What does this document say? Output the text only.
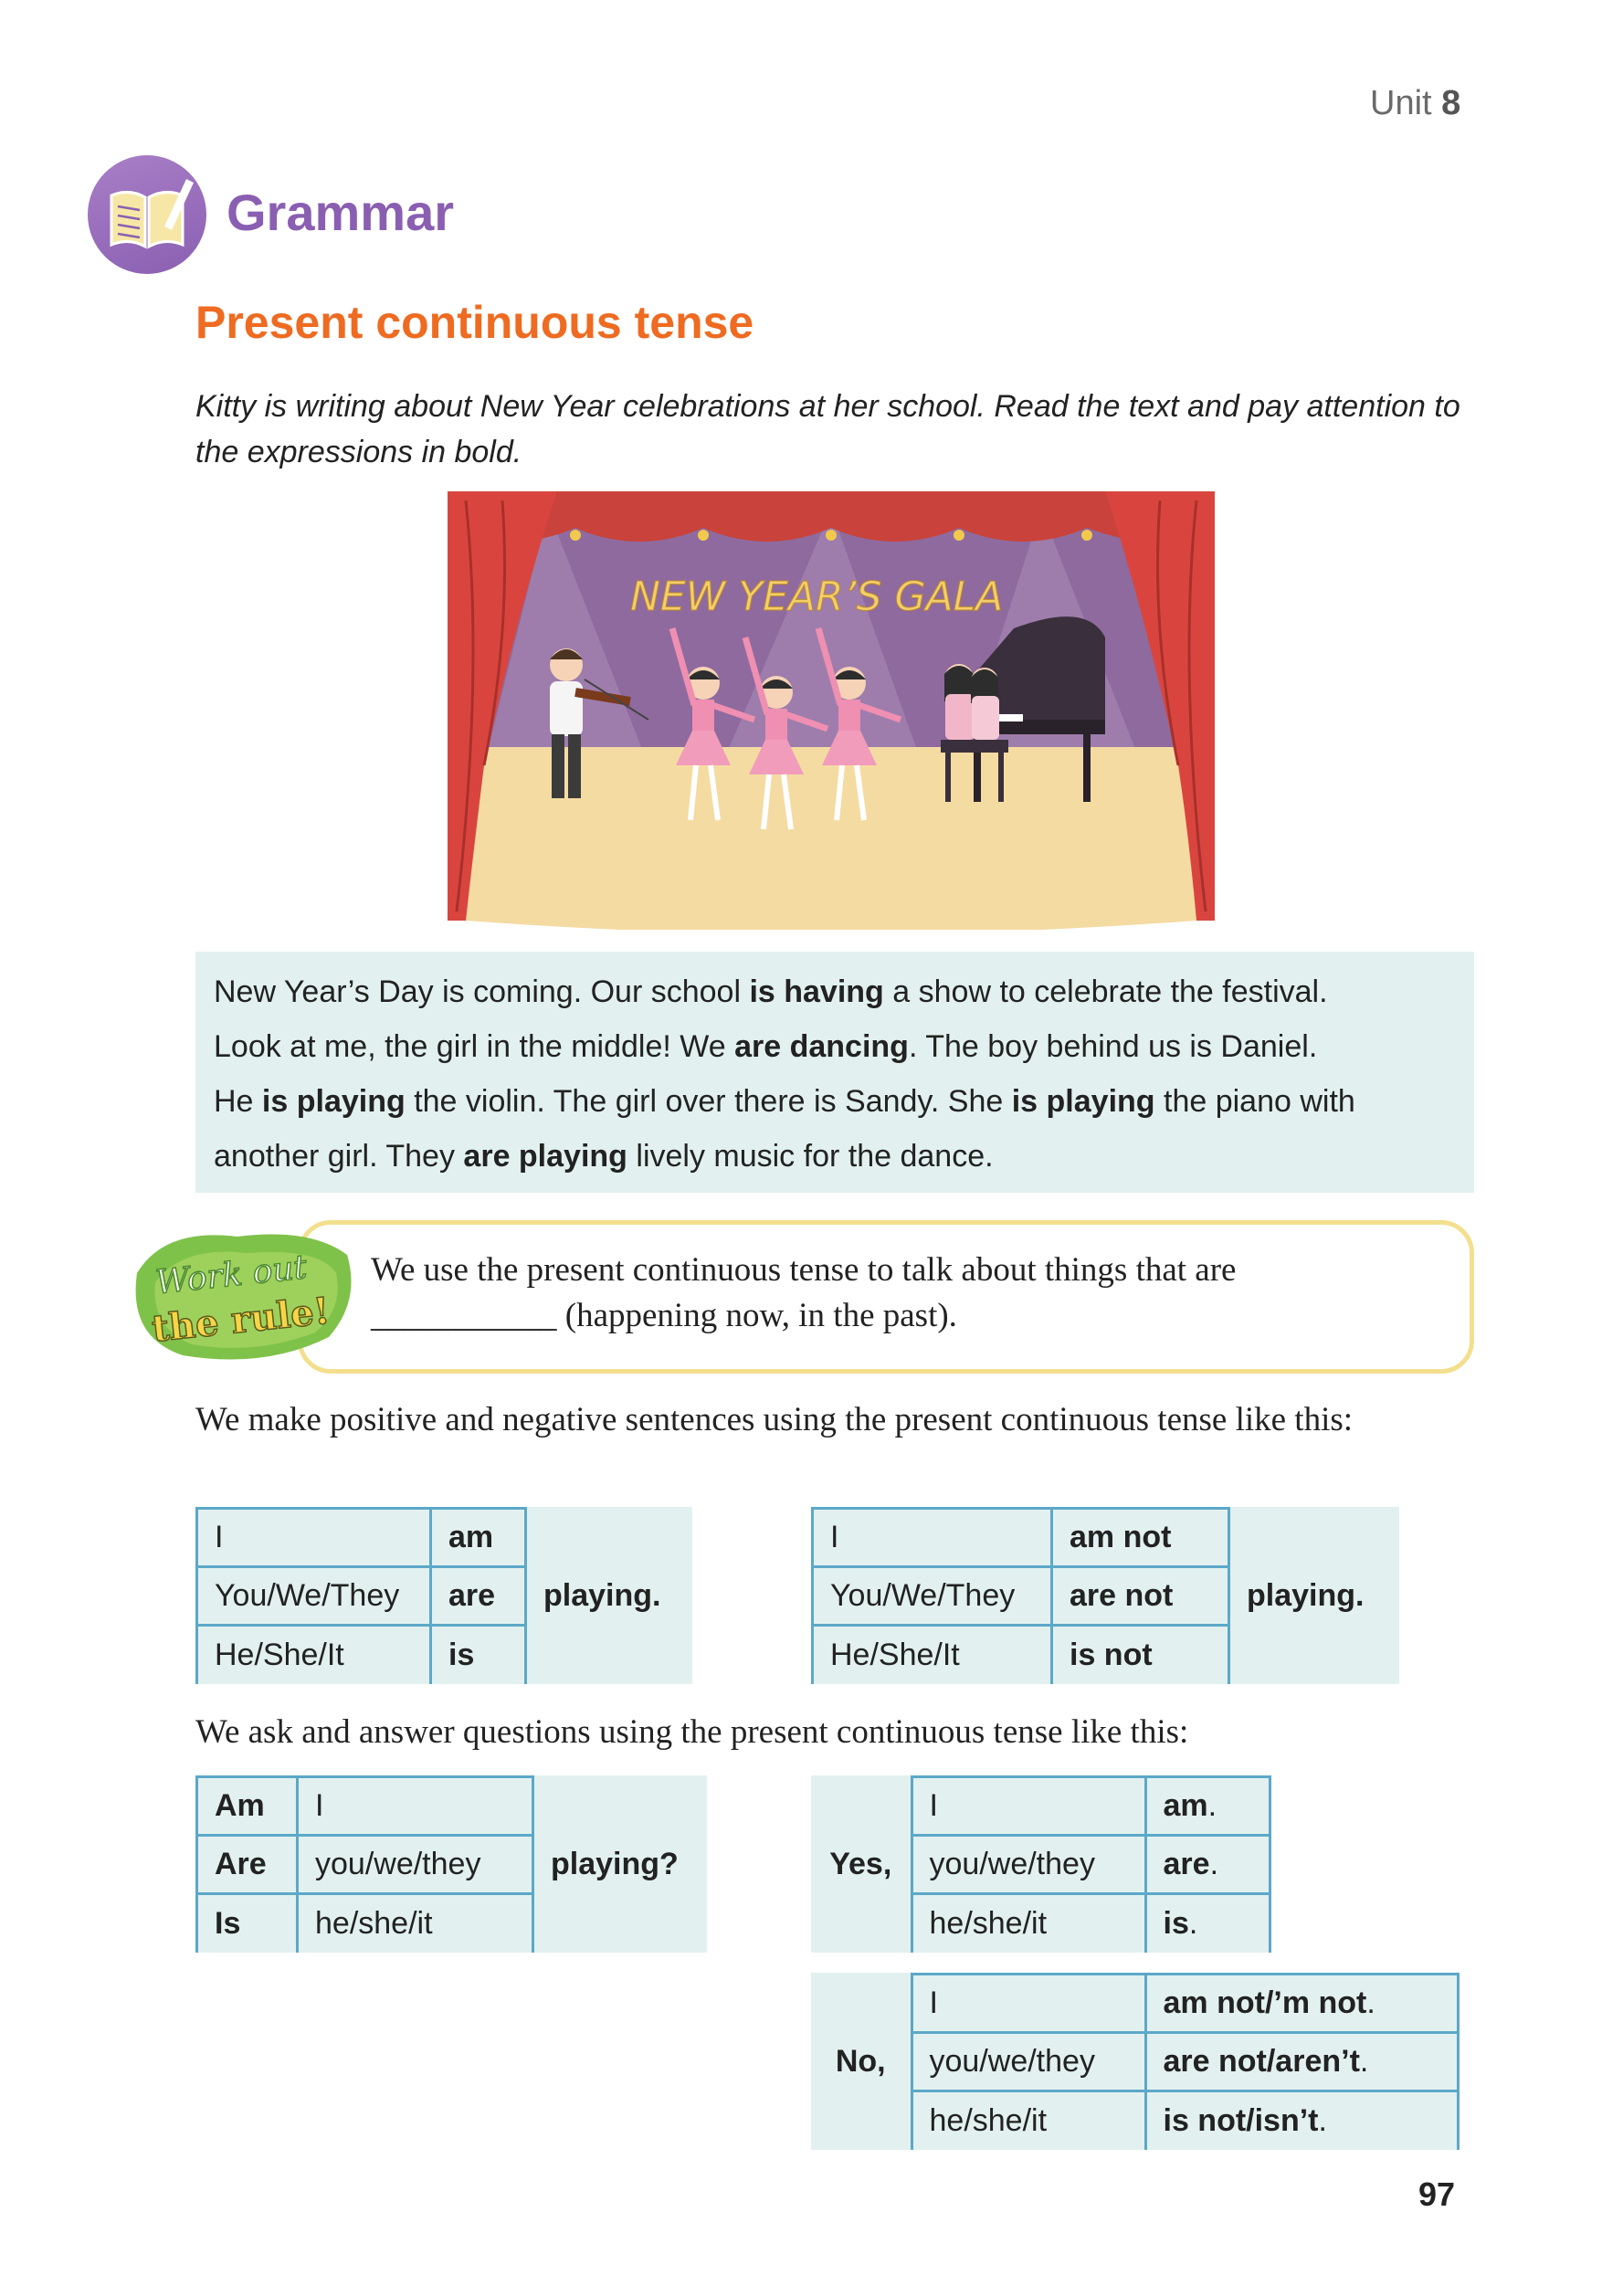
Unit 8
Grammar
Present continuous tense
Kitty is writing about New Year celebrations at her school. Read the text and pay attention to the expressions in bold.
NEW YEAR’S GALA

New Year’s Day is coming. Our school is having a show to celebrate the festival.

Look at me, the girl in the middle! We are dancing. The boy behind us is Daniel.

He is playing the violin. The girl over there is Sandy. She is playing the piano with

another girl. They are playing lively music for the dance.

Work out
the rule!
We use the present continuous tense to talk about things that are
___________ (happening now, in the past).
We make positive and negative sentences using the present continuous tense like this:
I	am	playing.
You/We/They	are	
He/She/It	is	
I	am not	playing.
You/We/They	are not	
He/She/It	is not	
We ask and answer questions using the present continuous tense like this:
Am	I	playing?
Are	you/we/they	
Is	he/she/it	
Yes,	I	am.
	you/we/they	are.
	he/she/it	is.
No,	I	am not/’m not.
	you/we/they	are not/aren’t.
	he/she/it	is not/isn’t.
97
